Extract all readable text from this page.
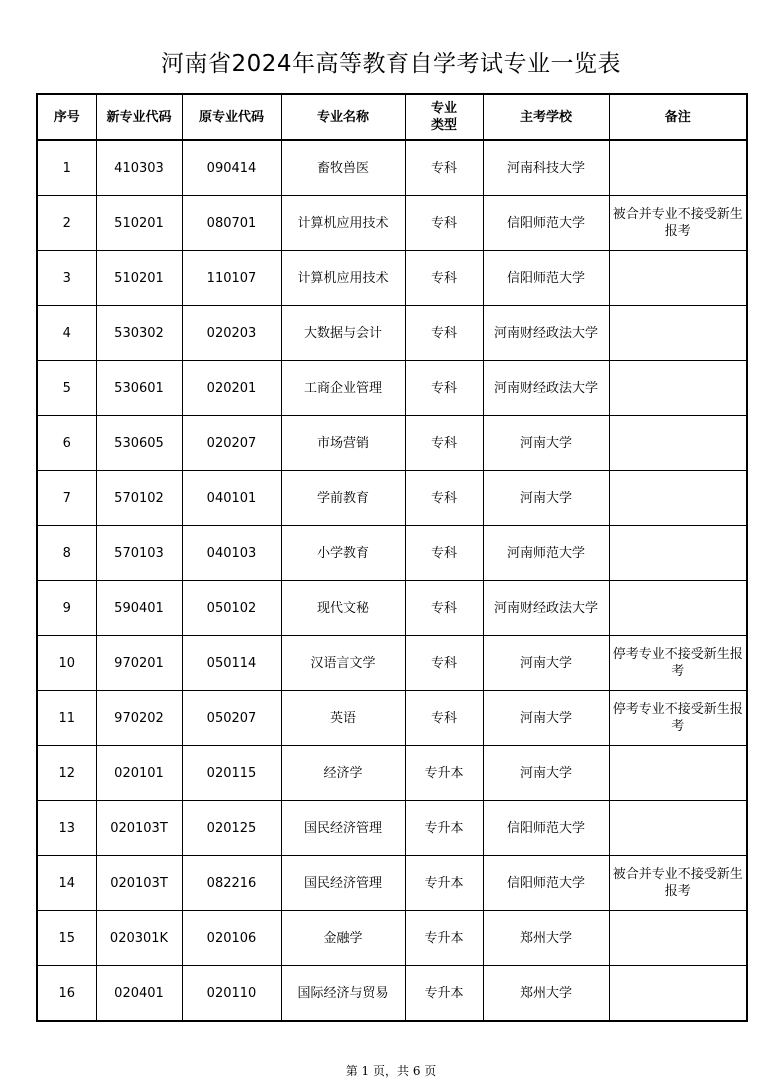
河南省2024年高等教育自学考试专业一览表
序号	新专业代码	原专业代码	专业名称	专业类型	主考学校	备注
1	410303	090414	畜牧兽医	专科	河南科技大学	
2	510201	080701	计算机应用技术	专科	信阳师范大学	被合并专业不接受新生报考
3	510201	110107	计算机应用技术	专科	信阳师范大学	
4	530302	020203	大数据与会计	专科	河南财经政法大学	
5	530601	020201	工商企业管理	专科	河南财经政法大学	
6	530605	020207	市场营销	专科	河南大学	
7	570102	040101	学前教育	专科	河南大学	
8	570103	040103	小学教育	专科	河南师范大学	
9	590401	050102	现代文秘	专科	河南财经政法大学	
10	970201	050114	汉语言文学	专科	河南大学	停考专业不接受新生报考
11	970202	050207	英语	专科	河南大学	停考专业不接受新生报考
12	020101	020115	经济学	专升本	河南大学	
13	020103T	020125	国民经济管理	专升本	信阳师范大学	
14	020103T	082216	国民经济管理	专升本	信阳师范大学	被合并专业不接受新生报考
15	020301K	020106	金融学	专升本	郑州大学	
16	020401	020110	国际经济与贸易	专升本	郑州大学	
第 1 页，共 6 页
